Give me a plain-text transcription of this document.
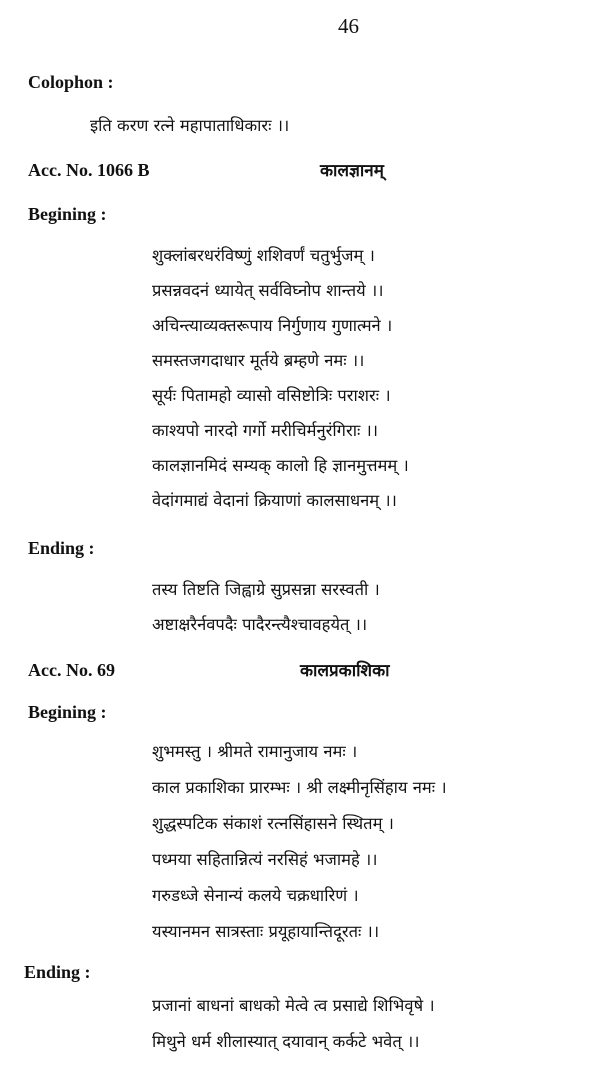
46
Colophon :
इति करण रत्ने महापाताधिकारः ।।
Acc. No. 1066 B	कालज्ञानम्
Begining :
शुक्लांबरधरंविष्णुं शशिवर्णं चतुर्भुजम् ।
प्रसन्नवदनं ध्यायेत् सर्वविघ्नोप शान्तये ।।
अचिन्त्याव्यक्तरूपाय निर्गुणाय गुणात्मने ।
समस्तजगदाधार मूर्तये ब्रम्हणे नमः ।।
सूर्यः पितामहो व्यासो वसिष्टोत्रिः पराशरः ।
काश्यपो नारदो गर्गो मरीचिर्मनुरंगिराः ।।
कालज्ञानमिदं सम्यक् कालो हि ज्ञानमुत्तमम् ।
वेदांगमाद्यं वेदानां क्रियाणां कालसाधनम् ।।
Ending :
तस्य तिष्टति जिह्वाग्रे सुप्रसन्ना सरस्वती ।
अष्टाक्षरैर्नवपदैः पादैरन्त्यैश्चावहयेत् ।।
Acc. No. 69	कालप्रकाशिका
Begining :
शुभमस्तु । श्रीमते रामानुजाय नमः ।
काल प्रकाशिका प्रारम्भः । श्री लक्ष्मीनृसिंहाय नमः ।
शुद्धस्पटिक संकाशं रत्नसिंहासने स्थितम् ।
पध्मया सहितान्नित्यं नरसिहं भजामहे ।।
गरुडध्जे सेनान्यं कलये चक्रधारिणं ।
यस्यानमन सात्रस्ताः प्रयूहायान्तिदूरतः ।।
Ending :
प्रजानां बाधनां बाधको मेत्वे त्व प्रसाद्ये शिभिवृषे ।
मिथुने धर्म शीलास्यात् दयावान् कर्कटे भवेत् ।।
